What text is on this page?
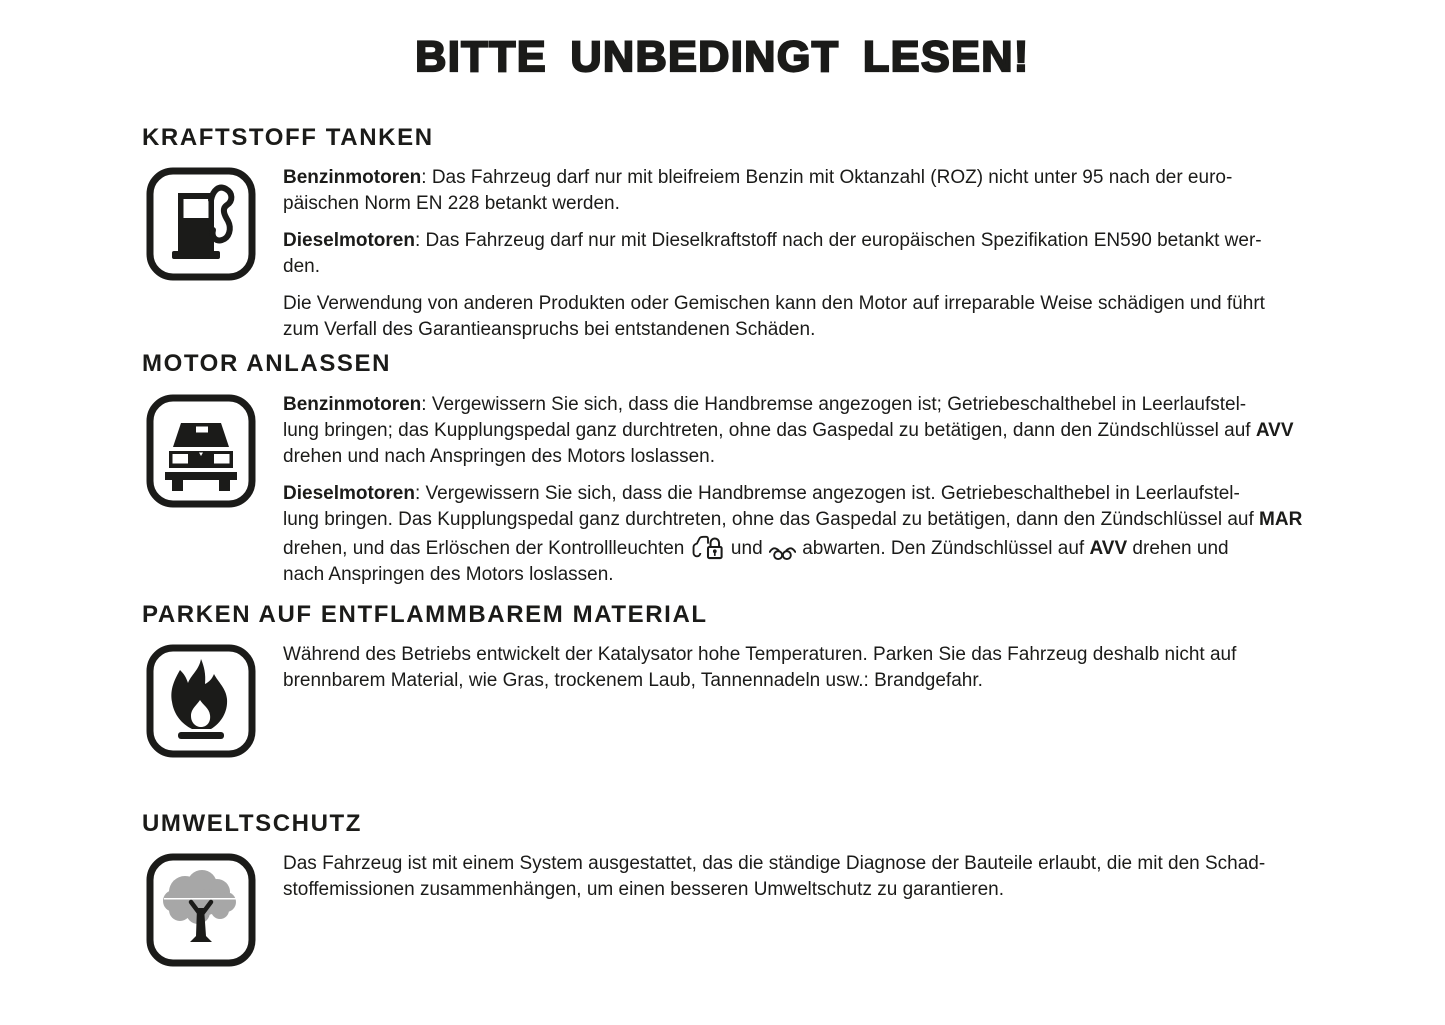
BITTE UNBEDINGT LESEN!
KRAFTSTOFF TANKEN

Benzinmotoren: Das Fahrzeug darf nur mit bleifreiem Benzin mit Oktanzahl (ROZ) nicht unter 95 nach der euro-
päischen Norm EN 228 betankt werden.

Dieselmotoren: Das Fahrzeug darf nur mit Dieselkraftstoff nach der europäischen Spezifikation EN590 betankt wer-
den.

Die Verwendung von anderen Produkten oder Gemischen kann den Motor auf irreparable Weise schädigen und führt
zum Verfall des Garantieanspruchs bei entstandenen Schäden.

MOTOR ANLASSEN

Benzinmotoren: Vergewissern Sie sich, dass die Handbremse angezogen ist; Getriebeschalthebel in Leerlaufstel-
lung bringen; das Kupplungspedal ganz durchtreten, ohne das Gaspedal zu betätigen, dann den Zündschlüssel auf AVV
drehen und nach Anspringen des Motors loslassen.

Dieselmotoren: Vergewissern Sie sich, dass die Handbremse angezogen ist. Getriebeschalthebel in Leerlaufstel-
lung bringen. Das Kupplungspedal ganz durchtreten, ohne das Gaspedal zu betätigen, dann den Zündschlüssel auf MAR
drehen, und das Erlöschen der Kontrollleuchten  und  abwarten. Den Zündschlüssel auf AVV drehen und
nach Anspringen des Motors loslassen.

PARKEN AUF ENTFLAMMBAREM MATERIAL

Während des Betriebs entwickelt der Katalysator hohe Temperaturen. Parken Sie das Fahrzeug deshalb nicht auf
brennbarem Material, wie Gras, trockenem Laub, Tannennadeln usw.: Brandgefahr.

UMWELTSCHUTZ

Das Fahrzeug ist mit einem System ausgestattet, das die ständige Diagnose der Bauteile erlaubt, die mit den Schad-
stoffemissionen zusammenhängen, um einen besseren Umweltschutz zu garantieren.
